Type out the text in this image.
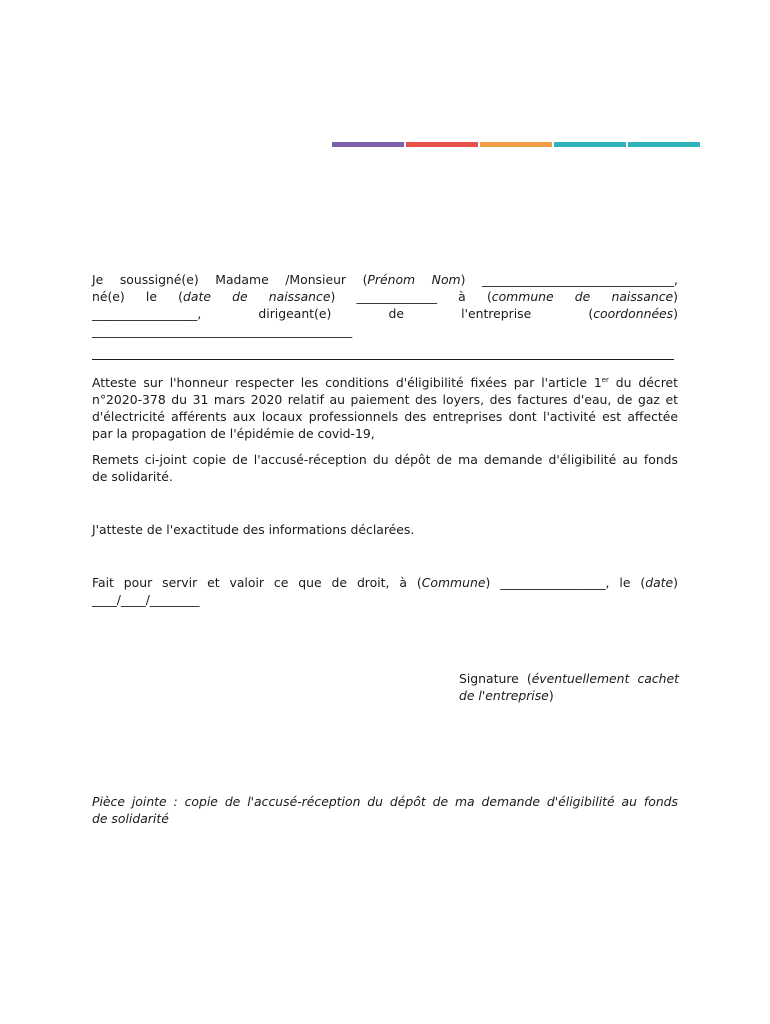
Je soussigné(e) Madame /Monsieur (Prénom Nom) _______________________________,
né(e) le (date de naissance) _____________ à (commune de naissance)
_________________, dirigeant(e) de l'entreprise (coordonnées)
__________________________________________
Atteste sur l'honneur respecter les conditions d'éligibilité fixées par l'article 1er du décret
n°2020-378 du 31 mars 2020 relatif au paiement des loyers, des factures d'eau, de gaz et
d'électricité afférents aux locaux professionnels des entreprises dont l'activité est affectée
par la propagation de l'épidémie de covid-19,
Remets ci-joint copie de l'accusé-réception du dépôt de ma demande d'éligibilité au fonds
de solidarité.
J'atteste de l'exactitude des informations déclarées.
Fait pour servir et valoir ce que de droit, à (Commune) _________________, le (date)
____/____/________
Signature (éventuellement cachet
de l'entreprise)
Pièce jointe : copie de l'accusé-réception du dépôt de ma demande d'éligibilité au fonds
de solidarité
